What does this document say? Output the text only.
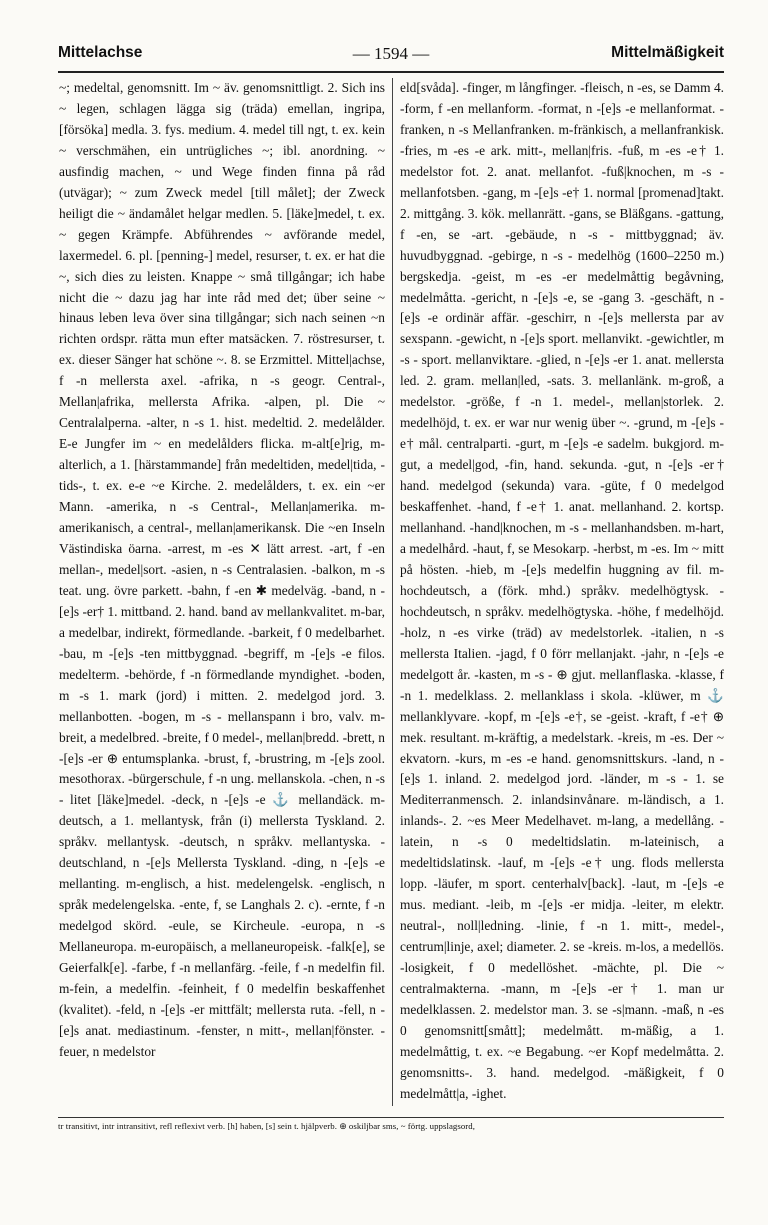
Mittelachse	— 1594 —	Mittelmäßigkeit

~; medeltal, genomsnitt. Im ~ äv. genomsnittligt. 2. Sich ins ~ legen, schlagen lägga sig (träda) emellan, ingripa, [försöka] medla. 3. fys. medium. 4. medel till ngt, t. ex. kein ~ verschmähen, ein untrügliches ~; ibl. anordning. ~ ausfindig machen, ~ und Wege finden finna på råd (utvägar); ~ zum Zweck medel [till målet]; der Zweck heiligt die ~ ändamålet helgar medlen. 5. [läke]medel, t. ex. ~ gegen Krämpfe. Abführendes ~ avförande medel, laxermedel. 6. pl. [penning-] medel, resurser, t. ex. er hat die ~, sich dies zu leisten. Knappe ~ små tillgångar; ich habe nicht die ~ dazu jag har inte råd med det; über seine ~ hinaus leben leva över sina tillgångar; sich nach seinen ~n richten ordspr. rätta mun efter matsäcken. 7. röstresurser, t. ex. dieser Sänger hat schöne ~. 8. se Erzmittel. Mittel|achse, f -n mellersta axel. -afrika, n -s geogr. Central-, Mellan|afrika, mellersta Afrika. -alpen, pl. Die ~ Centralalperna. -alter, n -s 1. hist. medeltid. 2. medelålder. E-e Jungfer im ~ en medelålders flicka. m-alt[e]rig, m-alterlich, a 1. [härstammande] från medeltiden, medel|tida, -tids-, t. ex. e-e ~e Kirche. 2. medelålders, t. ex. ein ~er Mann. -amerika, n -s Central-, Mellan|amerika. m-amerikanisch, a central-, mellan|amerikansk. Die ~en Inseln Västindiska öarna. -arrest, m -es ✕ lätt arrest. -art, f -en mellan-, medel|sort. -asien, n -s Centralasien. -balkon, m -s teat. ung. övre parkett. -bahn, f -en ✱ medelväg. -band, n -[e]s -er† 1. mittband. 2. hand. band av mellankvalitet. m-bar, a medelbar, indirekt, förmedlande. -barkeit, f 0 medelbarhet. -bau, m -[e]s -ten mittbyggnad. -begriff, m -[e]s -e filos. medelterm. -behörde, f -n förmedlande myndighet. -boden, m -s 1. mark (jord) i mitten. 2. medelgod jord. 3. mellanbotten. -bogen, m -s - mellanspann i bro, valv. m-breit, a medelbred. -breite, f 0 medel-, mellan|bredd. -brett, n -[e]s -er ⊕ entumsplanka. -brust, f, -brustring, m -[e]s zool. mesothorax. -bürgerschule, f -n ung. mellanskola. -chen, n -s - litet [läke]medel. -deck, n -[e]s -e ⚓ mellandäck. m-deutsch, a 1. mellantysk, från (i) mellersta Tyskland. 2. språkv. mellantysk. -deutsch, n språkv. mellantyska. -deutschland, n -[e]s Mellersta Tyskland. -ding, n -[e]s -e mellanting. m-englisch, a hist. medelengelsk. -englisch, n språk medelengelska. -ente, f, se Langhals 2. c). -ernte, f -n medelgod skörd. -eule, se Kircheule. -europa, n -s Mellaneuropa. m-europäisch, a mellaneuropeisk. -falk[e], se Geierfalk[e]. -farbe, f -n mellanfärg. -feile, f -n medelfin fil. m-fein, a medelfin. -feinheit, f 0 medelfin beskaffenhet (kvalitet). -feld, n -[e]s -er mittfält; mellersta ruta. -fell, n -[e]s anat. mediastinum. -fenster, n mitt-, mellan|fönster. -feuer, n medelstor

eld[svåda]. -finger, m långfinger. -fleisch, n -es, se Damm 4. -form, f -en mellanform. -format, n -[e]s -e mellanformat. -franken, n -s Mellanfranken. m-fränkisch, a mellanfrankisk. -fries, m -es -e ark. mitt-, mellan|fris. -fuß, m -es -e† 1. medelstor fot. 2. anat. mellanfot. -fuß|knochen, m -s - mellanfotsben. -gang, m -[e]s -e† 1. normal [promenad]takt. 2. mittgång. 3. kök. mellanrätt. -gans, se Bläßgans. -gattung, f -en, se -art. -gebäude, n -s - mittbyggnad; äv. huvudbyggnad. -gebirge, n -s - medelhög (1600–2250 m.) bergskedja. -geist, m -es -er medelmåttig begåvning, medelmåtta. -gericht, n -[e]s -e, se -gang 3. -geschäft, n -[e]s -e ordinär affär. -geschirr, n -[e]s mellersta par av sexspann. -gewicht, n -[e]s sport. mellanvikt. -gewichtler, m -s - sport. mellanviktare. -glied, n -[e]s -er 1. anat. mellersta led. 2. gram. mellan|led, -sats. 3. mellanlänk. m-groß, a medelstor. -größe, f -n 1. medel-, mellan|storlek. 2. medelhöjd, t. ex. er war nur wenig über ~. -grund, m -[e]s -e† mål. centralparti. -gurt, m -[e]s -e sadelm. bukgjord. m-gut, a medel|god, -fin, hand. sekunda. -gut, n -[e]s -er† hand. medelgod (sekunda) vara. -güte, f 0 medelgod beskaffenhet. -hand, f -e† 1. anat. mellanhand. 2. kortsp. mellanhand. -hand|knochen, m -s - mellanhandsben. m-hart, a medelhård. -haut, f, se Mesokarp. -herbst, m -es. Im ~ mitt på hösten. -hieb, m -[e]s medelfin huggning av fil. m-hochdeutsch, a (förk. mhd.) språkv. medelhögtysk. -hochdeutsch, n språkv. medelhögtyska. -höhe, f medelhöjd. -holz, n -es virke (träd) av medelstorlek. -italien, n -s mellersta Italien. -jagd, f 0 förr mellanjakt. -jahr, n -[e]s -e medelgott år. -kasten, m -s - ⊕ gjut. mellanflaska. -klasse, f -n 1. medelklass. 2. mellanklass i skola. -klüwer, m ⚓ mellanklyvare. -kopf, m -[e]s -e†, se -geist. -kraft, f -e† ⊕ mek. resultant. m-kräftig, a medelstark. -kreis, m -es. Der ~ ekvatorn. -kurs, m -es -e hand. genomsnittskurs. -land, n -[e]s 1. inland. 2. medelgod jord. -länder, m -s - 1. se Mediterranmensch. 2. inlandsinvånare. m-ländisch, a 1. inlands-. 2. ~es Meer Medelhavet. m-lang, a medellång. -latein, n -s 0 medeltidslatin. m-lateinisch, a medeltidslatinsk. -lauf, m -[e]s -e† ung. flods mellersta lopp. -läufer, m sport. centerhalv[back]. -laut, m -[e]s -e mus. mediant. -leib, m -[e]s -er midja. -leiter, m elektr. neutral-, noll|ledning. -linie, f -n 1. mitt-, medel-, centrum|linje, axel; diameter. 2. se -kreis. m-los, a medellös. -losigkeit, f 0 medellöshet. -mächte, pl. Die ~ centralmakterna. -mann, m -[e]s -er† 1. man ur medelklassen. 2. medelstor man. 3. se -s|mann. -maß, n -es 0 genomsnitt[smått]; medelmått. m-mäßig, a 1. medelmåttig, t. ex. ~e Begabung. ~er Kopf medelmåtta. 2. genomsnitts-. 3. hand. medelgod. -mäßigkeit, f 0 medelmått|a, -ighet.

tr transitivt, intr intransitivt, refl reflexivt verb. [h] haben, [s] sein t. hjälpverb. ⊕ oskiljbar sms, ~ förtg. uppslagsord,
